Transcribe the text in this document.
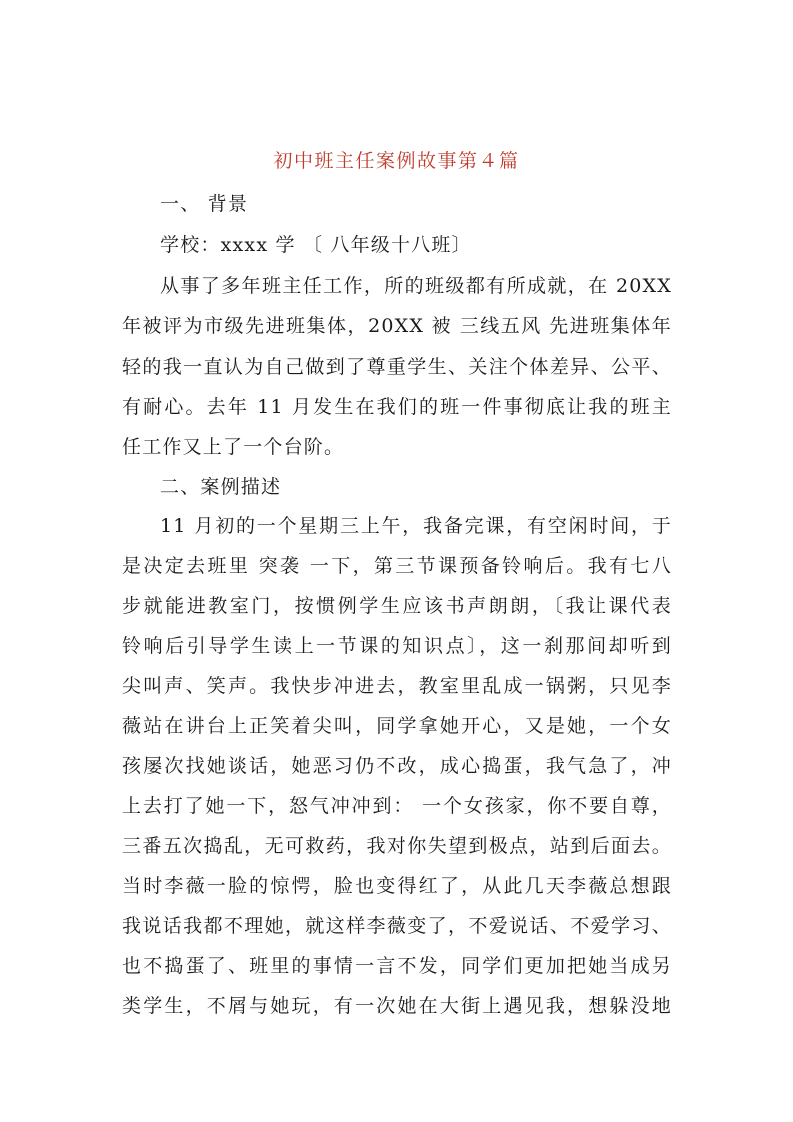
初中班主任案例故事第４篇
一、 背景
学校：xxxx 学 〔 八年级十八班〕
从事了多年班主任工作，所的班级都有所成就，在 20XX
年被评为市级先进班集体，20XX 被 三线五风 先进班集体年
轻的我一直认为自己做到了尊重学生、关注个体差异、公平、
有耐心。去年 11 月发生在我们的班一件事彻底让我的班主
任工作又上了一个台阶。
二、案例描述
11 月初的一个星期三上午，我备完课，有空闲时间，于
是决定去班里 突袭 一下，第三节课预备铃响后。我有七八
步就能进教室门，按惯例学生应该书声朗朗，〔我让课代表
铃响后引导学生读上一节课的知识点〕，这一刹那间却听到
尖叫声、笑声。我快步冲进去，教室里乱成一锅粥，只见李
薇站在讲台上正笑着尖叫，同学拿她开心，又是她，一个女
孩屡次找她谈话，她恶习仍不改，成心捣蛋，我气急了，冲
上去打了她一下，怒气冲冲到： 一个女孩家，你不要自尊，
三番五次捣乱，无可救药，我对你失望到极点，站到后面去。
当时李薇一脸的惊愕，脸也变得红了，从此几天李薇总想跟
我说话我都不理她，就这样李薇变了，不爱说话、不爱学习、
也不捣蛋了、班里的事情一言不发，同学们更加把她当成另
类学生，不屑与她玩，有一次她在大街上遇见我，想躲没地
